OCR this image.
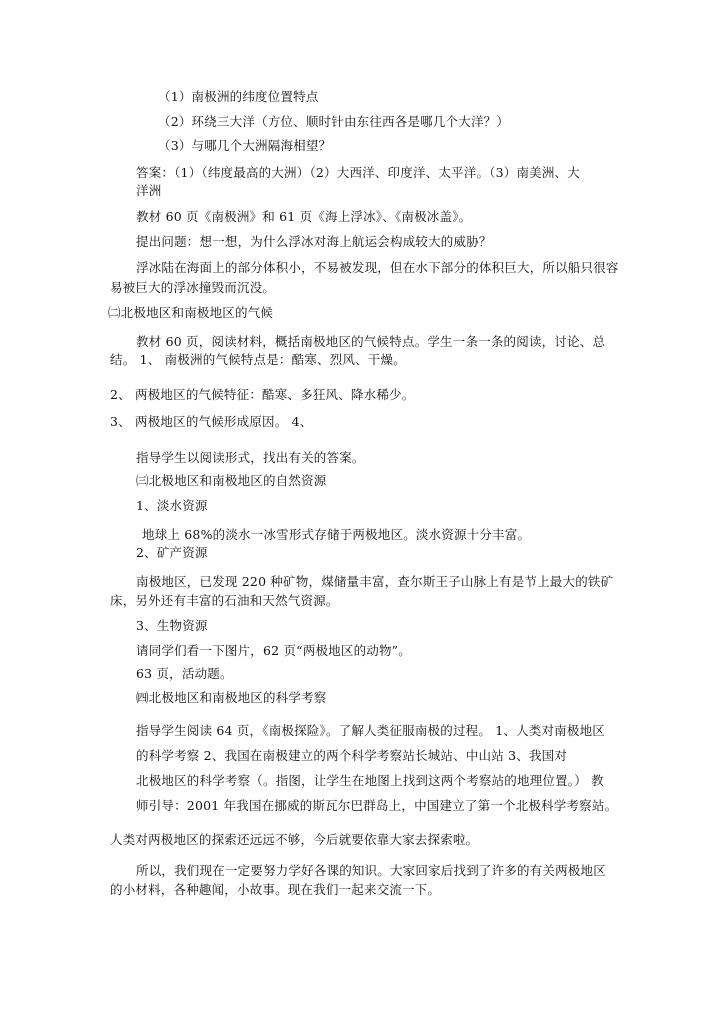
（1）南极洲的纬度位置特点
（2）环绕三大洋（方位、顺时针由东往西各是哪几个大洋？）
（3）与哪几个大洲隔海相望？
答案：（1）（纬度最高的大洲）（2）大西洋、印度洋、太平洋。（3）南美洲、大
洋洲
教材 60 页《南极洲》和 61 页《海上浮冰》、《南极冰盖》。
提出问题：想一想，为什么浮冰对海上航运会构成较大的威胁？
浮冰陆在海面上的部分体积小，不易被发现，但在水下部分的体积巨大，所以船只很容
易被巨大的浮冰撞毁而沉没。
㈡北极地区和南极地区的气候
教材 60 页，阅读材料，概括南极地区的气候特点。学生一条一条的阅读，讨论、总
结。 1、 南极洲的气候特点是：酷寒、烈风、干燥。
2、 两极地区的气候特征：酷寒、多狂风、降水稀少。
3、 两极地区的气候形成原因。 4、
指导学生以阅读形式，找出有关的答案。
㈢北极地区和南极地区的自然资源
1、淡水资源
地球上 68%的淡水一冰雪形式存储于两极地区。淡水资源十分丰富。
2、矿产资源
南极地区，已发现 220 种矿物，煤储量丰富，查尔斯王子山脉上有是节上最大的铁矿
床，另外还有丰富的石油和天然气资源。
3、生物资源
请同学们看一下图片，62 页“两极地区的动物”。
63 页，活动题。
㈣北极地区和南极地区的科学考察
指导学生阅读 64 页，《南极探险》。了解人类征服南极的过程。 1、人类对南极地区
的科学考察 2、我国在南极建立的两个科学考察站长城站、中山站 3、我国对
北极地区的科学考察（。指图，让学生在地图上找到这两个考察站的地理位置。） 教
师引导：2001 年我国在挪威的斯瓦尔巴群岛上，中国建立了第一个北极科学考察站。
人类对两极地区的探索还远远不够，今后就要依靠大家去探索啦。
所以，我们现在一定要努力学好各课的知识。大家回家后找到了许多的有关两极地区
的小材料，各种趣闻，小故事。现在我们一起来交流一下。
